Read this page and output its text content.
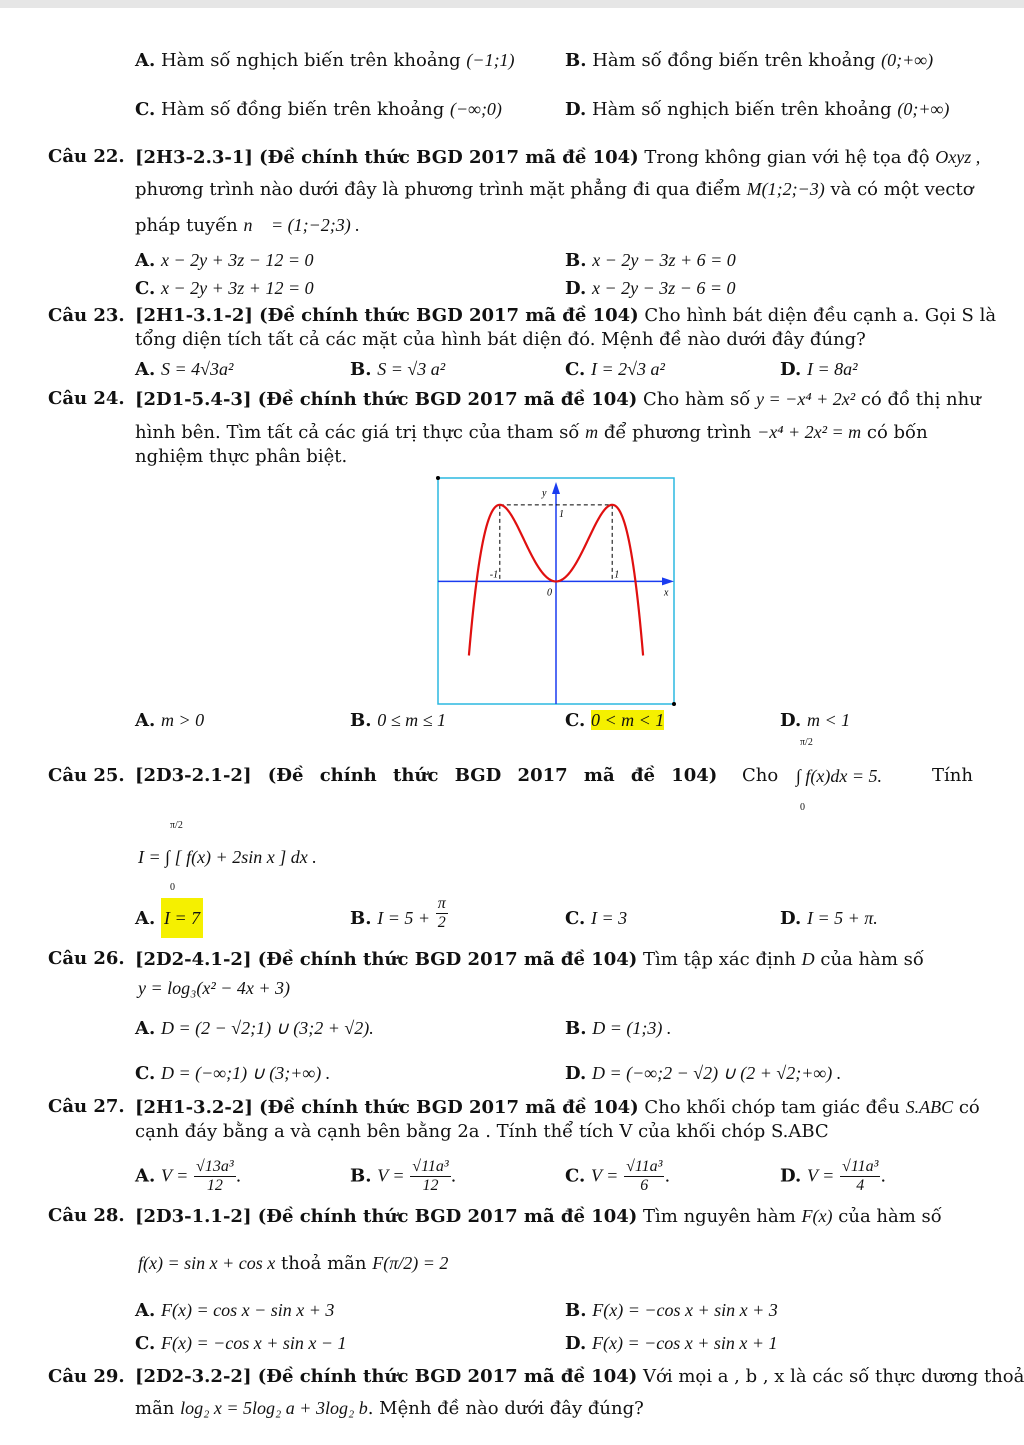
A. Hàm số nghịch biến trên khoảng (−1;1)	B. Hàm số đồng biến trên khoảng (0;+∞)
C. Hàm số đồng biến trên khoảng (−∞;0)	D. Hàm số nghịch biến trên khoảng (0;+∞)
Câu 22. [2H3-2.3-1] (Đề chính thức BGD 2017 mã đề 104) Trong không gian với hệ tọa độ Oxyz ,
phương trình nào dưới đây là phương trình mặt phẳng đi qua điểm M(1;2;−3) và có một vectơ
pháp tuyến n⃗ = (1;−2;3) .
A. x − 2y + 3z − 12 = 0	B. x − 2y − 3z + 6 = 0
C. x − 2y + 3z + 12 = 0	D. x − 2y − 3z − 6 = 0
Câu 23. [2H1-3.1-2] (Đề chính thức BGD 2017 mã đề 104) Cho hình bát diện đều cạnh a. Gọi S là
tổng diện tích tất cả các mặt của hình bát diện đó. Mệnh đề nào dưới đây đúng?
A. S = 4√3a²	B. S = √3 a²	C. I = 2√3 a²	D. I = 8a²
Câu 24. [2D1-5.4-3] (Đề chính thức BGD 2017 mã đề 104) Cho hàm số y = −x⁴ + 2x² có đồ thị như
hình bên. Tìm tất cả các giá trị thực của tham số m để phương trình −x⁴ + 2x² = m có bốn
nghiệm thực phân biệt.
y
x
1
-1
0
1
A. m > 0	B. 0 ≤ m ≤ 1	C. 0 < m < 1	D. m < 1
Câu 25. [2D3-2.1-2] (Đề chính thức BGD 2017 mã đề 104) Cho
π/2
0
∫ f(x)dx = 5.	Tính
π/2
0
I = ∫ [ f(x) + 2sin x ] dx .
A. I = 7	B. $I = 5 + \frac{\pi}{2}$	C. I = 3	D. I = 5 + π.
Câu 26. [2D2-4.1-2] (Đề chính thức BGD 2017 mã đề 104) Tìm tập xác định D của hàm số
y = log₃(x² − 4x + 3)
A. D = (2 − √2;1) ∪ (3;2 + √2).	B. D = (1;3) .
C. D = (−∞;1) ∪ (3;+∞) .	D. D = (−∞;2 − √2) ∪ (2 + √2;+∞) .
Câu 27. [2H1-3.2-2] (Đề chính thức BGD 2017 mã đề 104) Cho khối chóp tam giác đều S.ABC có
cạnh đáy bằng a và cạnh bên bằng 2a . Tính thể tích V của khối chóp S.ABC
A. $V = \frac{\text{√13a³}}{12}$ .	B. $V = \frac{\text{√11a³}}{12}$ .	C. $V = \frac{\text{√11a³}}{6}$ .	D. $V = \frac{\text{√11a³}}{4}$ .
Câu 28. [2D3-1.1-2] (Đề chính thức BGD 2017 mã đề 104) Tìm nguyên hàm F(x) của hàm số
f(x) = sin x + cos x thoả mãn F(π/2) = 2
A. F(x) = cos x − sin x + 3	B. F(x) = −cos x + sin x + 3
C. F(x) = −cos x + sin x − 1	D. F(x) = −cos x + sin x + 1
Câu 29. [2D2-3.2-2] (Đề chính thức BGD 2017 mã đề 104) Với mọi a , b , x là các số thực dương thoả
mãn log₂ x = 5log₂ a + 3log₂ b. Mệnh đề nào dưới đây đúng?
